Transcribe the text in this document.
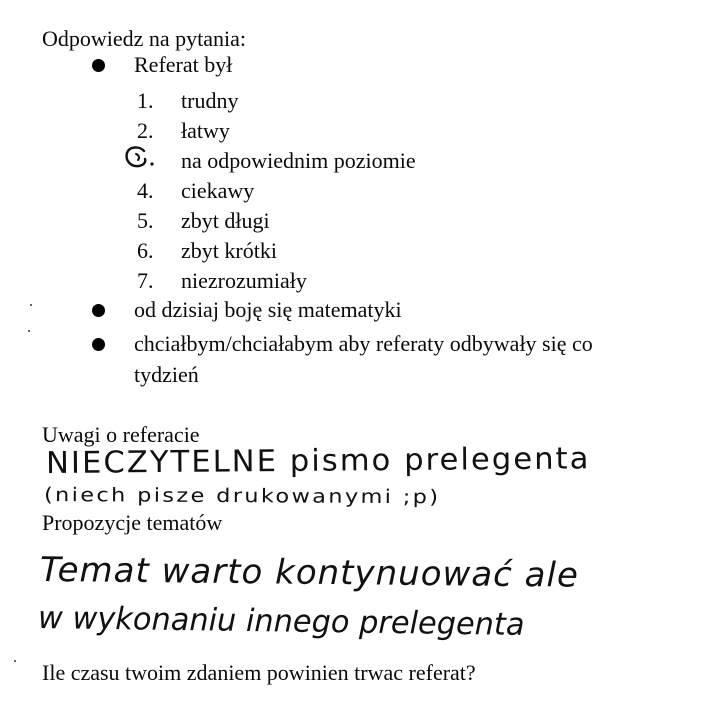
Odpowiedz na pytania:
Referat był
1. trudny
2. łatwy
na odpowiednim poziomie
4. ciekawy
5. zbyt długi
6. zbyt krótki
7. niezrozumiały
od dzisiaj boję się matematyki
chciałbym/chciałabym aby referaty odbywały się co
tydzień
Uwagi o referacie
NIECZYTELNE pismo prelegenta
(niech pisze drukowanymi ;p)
Propozycje tematów
Temat warto kontynuować ale
w wykonaniu innego prelegenta
Ile czasu twoim zdaniem powinien trwac referat?
